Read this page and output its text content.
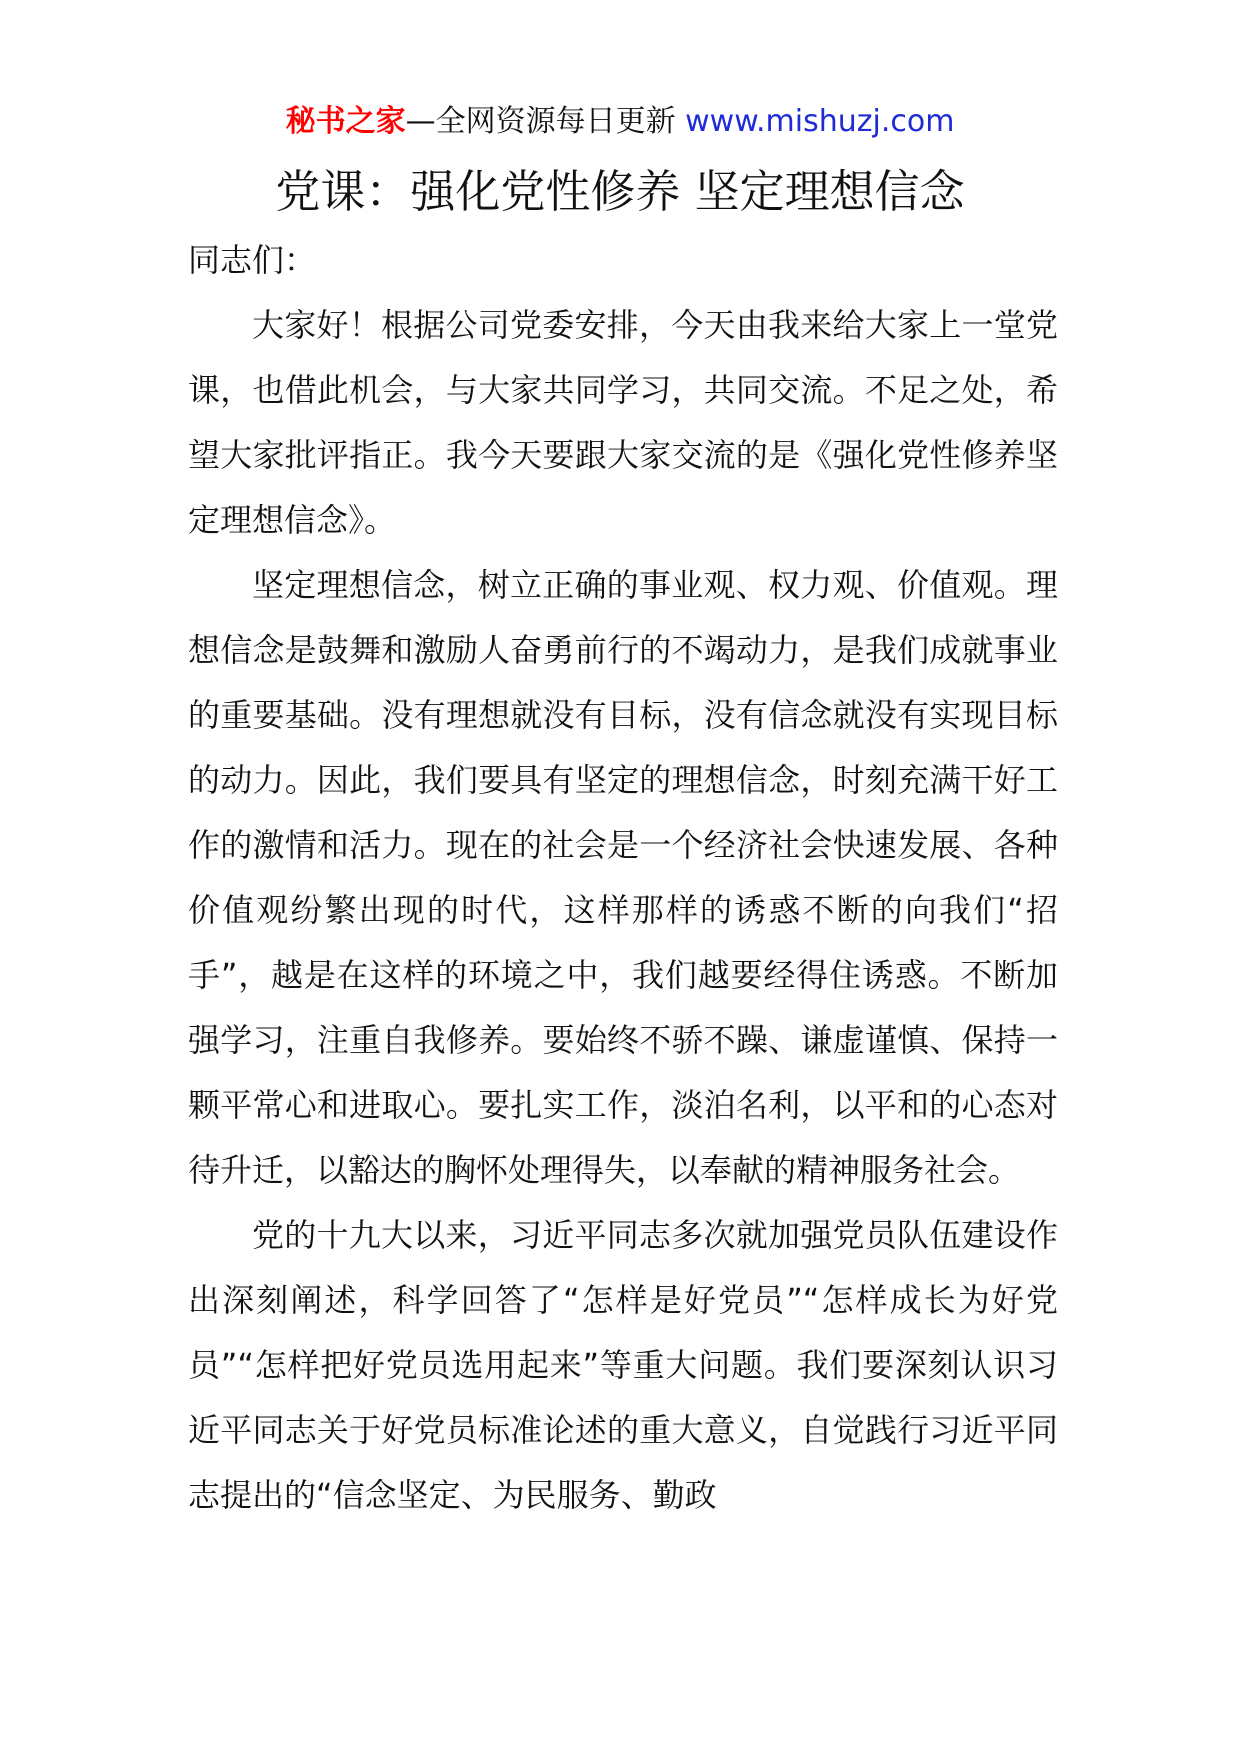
秘书之家—全网资源每日更新 www.mishuzj.com
党课：强化党性修养 坚定理想信念

同志们：

大家好！根据公司党委安排，今天由我来给大家上一堂党课，也借此机会，与大家共同学习，共同交流。不足之处，希望大家批评指正。我今天要跟大家交流的是《强化党性修养坚定理想信念》。

坚定理想信念，树立正确的事业观、权力观、价值观。理想信念是鼓舞和激励人奋勇前行的不竭动力，是我们成就事业的重要基础。没有理想就没有目标，没有信念就没有实现目标的动力。因此，我们要具有坚定的理想信念，时刻充满干好工作的激情和活力。现在的社会是一个经济社会快速发展、各种价值观纷繁出现的时代，这样那样的诱惑不断的向我们“招手”，越是在这样的环境之中，我们越要经得住诱惑。不断加强学习，注重自我修养。要始终不骄不躁、谦虚谨慎、保持一颗平常心和进取心。要扎实工作，淡泊名利，以平和的心态对待升迁，以豁达的胸怀处理得失，以奉献的精神服务社会。

党的十九大以来，习近平同志多次就加强党员队伍建设作出深刻阐述，科学回答了“怎样是好党员”“怎样成长为好党员”“怎样把好党员选用起来”等重大问题。我们要深刻认识习近平同志关于好党员标准论述的重大意义，自觉践行习近平同志提出的“信念坚定、为民服务、勤政
